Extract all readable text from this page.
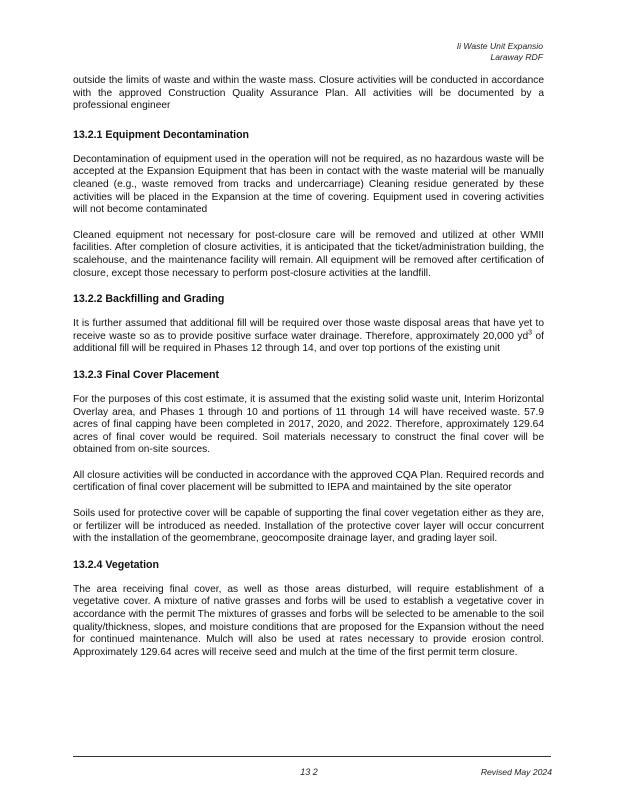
Ii Waste Unit Expansio
Laraway RDF

outside the limits of waste and within the waste mass. Closure activities will be conducted in accordance with the approved Construction Quality Assurance Plan. All activities will be documented by a professional engineer

13.2.1 Equipment Decontamination

Decontamination of equipment used in the operation will not be required, as no hazardous waste will be accepted at the Expansion Equipment that has been in contact with the waste material will be manually cleaned (e.g., waste removed from tracks and undercarriage) Cleaning residue generated by these activities will be placed in the Expansion at the time of covering. Equipment used in covering activities will not become contaminated

Cleaned equipment not necessary for post-closure care will be removed and utilized at other WMII facilities. After completion of closure activities, it is anticipated that the ticket/administration building, the scalehouse, and the maintenance facility will remain. All equipment will be removed after certification of closure, except those necessary to perform post-closure activities at the landfill.

13.2.2 Backfilling and Grading

It is further assumed that additional fill will be required over those waste disposal areas that have yet to receive waste so as to provide positive surface water drainage. Therefore, approximately 20,000 $yd^3$ of additional fill will be required in Phases 12 through 14, and over top portions of the existing unit

13.2.3 Final Cover Placement

For the purposes of this cost estimate, it is assumed that the existing solid waste unit, Interim Horizontal Overlay area, and Phases 1 through 10 and portions of 11 through 14 will have received waste. 57.9 acres of final capping have been completed in 2017, 2020, and 2022. Therefore, approximately 129.64 acres of final cover would be required. Soil materials necessary to construct the final cover will be obtained from on-site sources.

All closure activities will be conducted in accordance with the approved CQA Plan. Required records and certification of final cover placement will be submitted to IEPA and maintained by the site operator

Soils used for protective cover will be capable of supporting the final cover vegetation either as they are, or fertilizer will be introduced as needed. Installation of the protective cover layer will occur concurrent with the installation of the geomembrane, geocomposite drainage layer, and grading layer soil.

13.2.4 Vegetation

The area receiving final cover, as well as those areas disturbed, will require establishment of a vegetative cover. A mixture of native grasses and forbs will be used to establish a vegetative cover in accordance with the permit The mixtures of grasses and forbs will be selected to be amenable to the soil quality/thickness, slopes, and moisture conditions that are proposed for the Expansion without the need for continued maintenance. Mulch will also be used at rates necessary to provide erosion control. Approximately 129.64 acres will receive seed and mulch at the time of the first permit term closure.

13 2	Revised May 2024
